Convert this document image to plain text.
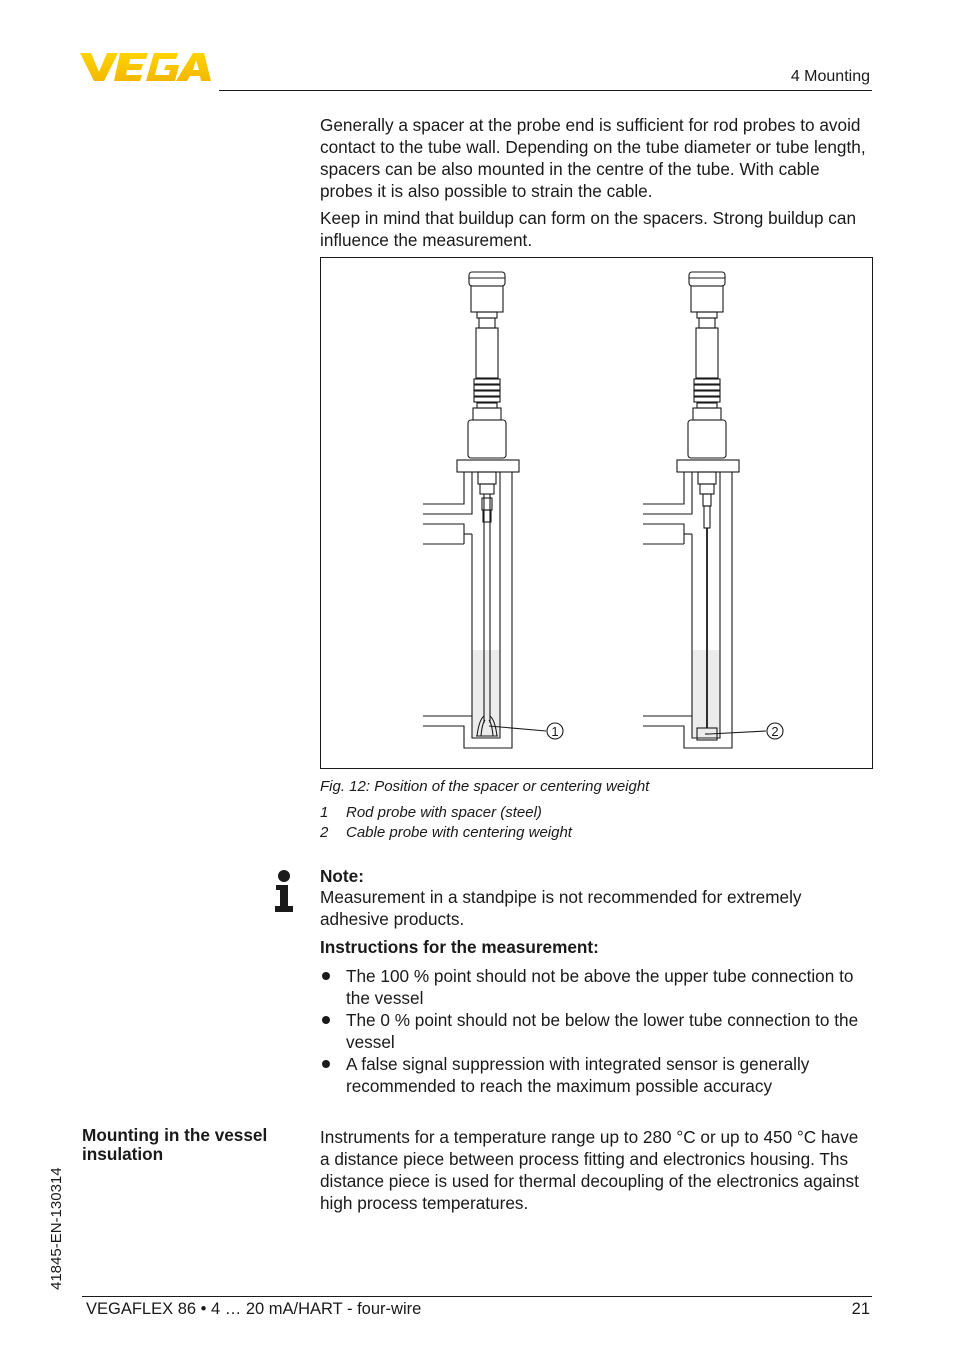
4 Mounting

Generally a spacer at the probe end is sufficient for rod probes to avoid contact to the tube wall. Depending on the tube diameter or tube length, spacers can be also mounted in the centre of the tube. With cable probes it is also possible to strain the cable.

Keep in mind that buildup can form on the spacers. Strong buildup can influence the measurement.

1	2
Fig. 12: Position of the spacer or centering weight
1 Rod probe with spacer (steel)
2 Cable probe with centering weight
Note:
Measurement in a standpipe is not recommended for extremely adhesive products.
Instructions for the measurement:
The 100 % point should not be above the upper tube connection to the vessel
The 0 % point should not be below the lower tube connection to the vessel
A false signal suppression with integrated sensor is generally recommended to reach the maximum possible accuracy
Mounting in the vessel insulation

Instruments for a temperature range up to 280 °C or up to 450 °C have a distance piece between process fitting and electronics housing. Ths distance piece is used for thermal decoupling of the electronics against high process temperatures.

41845-EN-130314
VEGAFLEX 86 • 4 … 20 mA/HART - four-wire	21
